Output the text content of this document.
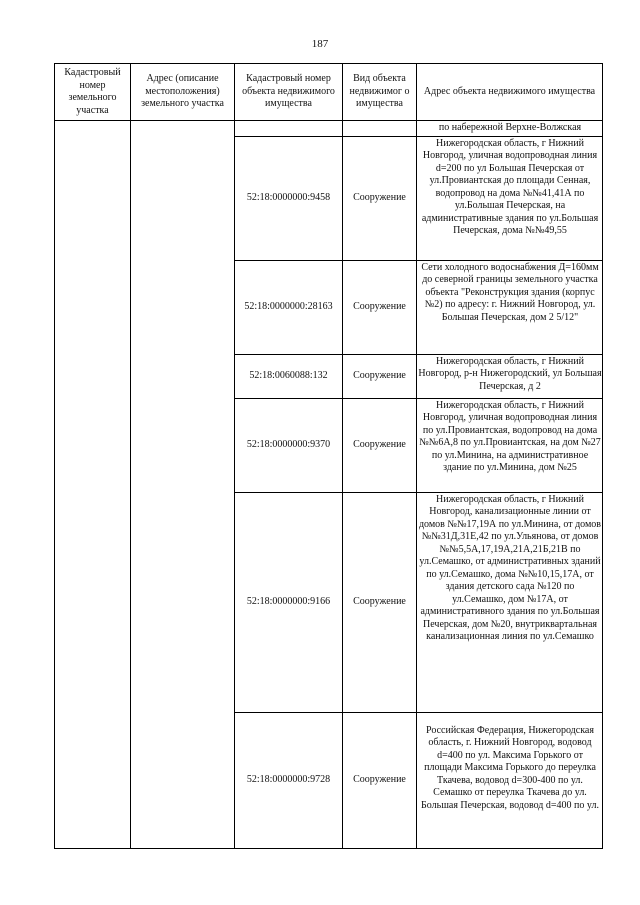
187
Кадастровый номер земельного участка	Адрес (описание местоположения) земельного участка	Кадастровый номер объекта недвижимого имущества	Вид объекта недвижимог о имущества	Адрес объекта недвижимого имущества
				по набережной Верхне-Волжская
		52:18:0000000:9458	Сооружение	Нижегородская область, г Нижний Новгород, уличная водопроводная линия d=200 по ул Большая Печерская от ул.Провиантская до площади Сенная, водопровод на дома №№41,41А по ул.Большая Печерская, на административные здания по ул.Большая Печерская, дома №№49,55
		52:18:0000000:28163	Сооружение	Сети холодного водоснабжения Д=160мм до северной границы земельного участка объекта "Реконструкция здания (корпус №2) по адресу: г. Нижний Новгород, ул. Большая Печерская, дом 2 5/12"
		52:18:0060088:132	Сооружение	Нижегородская область, г Нижний Новгород, р-н Нижегородский, ул Большая Печерская, д 2
		52:18:0000000:9370	Сооружение	Нижегородская область, г Нижний Новгород, уличная водопроводная линия по ул.Провиантская, водопровод на дома №№6А,8 по ул.Провиантская, на дом №27 по ул.Минина, на административное здание по ул.Минина, дом №25
		52:18:0000000:9166	Сооружение	Нижегородская область, г Нижний Новгород, канализационные линии от домов №№17,19А по ул.Минина, от домов №№31Д,31Е,42 по ул.Ульянова, от домов №№5,5А,17,19А,21А,21Б,21В по ул.Семашко, от административных зданий по ул.Семашко, дома №№10,15,17А, от здания детского сада №120 по ул.Семашко, дом №17А, от административного здания по ул.Большая Печерская, дом №20, внутриквартальная канализационная линия по ул.Семашко
		52:18:0000000:9728	Сооружение	Российская Федерация, Нижегородская область, г. Нижний Новгород, водовод d=400 по ул. Максима Горького от площади Максима Горького до переулка Ткачева, водовод d=300-400 по ул. Семашко от переулка Ткачева до ул. Большая Печерская, водовод d=400 по ул.
